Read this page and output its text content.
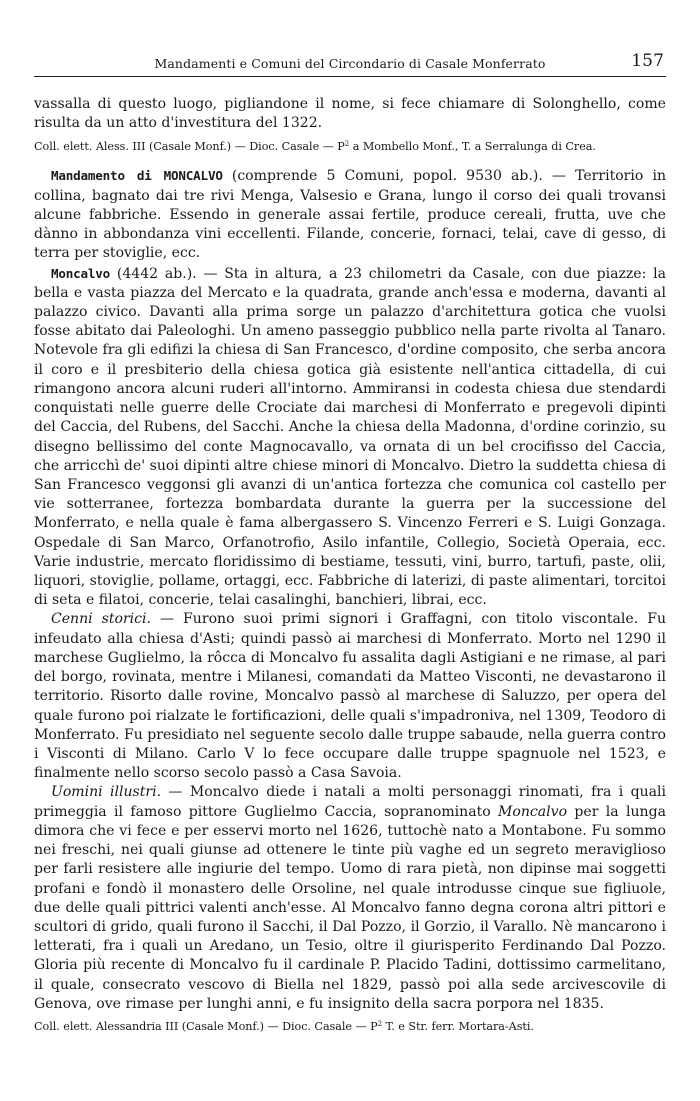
Mandamenti e Comuni del Circondario di Casale Monferrato	157

vassalla di questo luogo, pigliandone il nome, si fece chiamare di Solonghello, come risulta da un atto d'investitura del 1322.

Coll. elett. Aless. III (Casale Monf.) — Dioc. Casale — $P^2$ a Mombello Monf., T. a Serralunga di Crea.

Mandamento di MONCALVO (comprende 5 Comuni, popol. 9530 ab.). — Territorio in collina, bagnato dai tre rivi Menga, Valsesio e Grana, lungo il corso dei quali trovansi alcune fabbriche. Essendo in generale assai fertile, produce cereali, frutta, uve che dànno in abbondanza vini eccellenti. Filande, concerie, fornaci, telai, cave di gesso, di terra per stoviglie, ecc.

Moncalvo (4442 ab.). — Sta in altura, a 23 chilometri da Casale, con due piazze: la bella e vasta piazza del Mercato e la quadrata, grande anch'essa e moderna, davanti al palazzo civico. Davanti alla prima sorge un palazzo d'architettura gotica che vuolsi fosse abitato dai Paleologhi. Un ameno passeggio pubblico nella parte rivolta al Tanaro. Notevole fra gli edifizi la chiesa di San Francesco, d'ordine composito, che serba ancora il coro e il presbiterio della chiesa gotica già esistente nell'antica cittadella, di cui rimangono ancora alcuni ruderi all'intorno. Ammiransi in codesta chiesa due stendardi conquistati nelle guerre delle Crociate dai marchesi di Monferrato e pregevoli dipinti del Caccia, del Rubens, del Sacchi. Anche la chiesa della Madonna, d'ordine corinzio, su disegno bellissimo del conte Magnocavallo, va ornata di un bel crocifisso del Caccia, che arricchì de' suoi dipinti altre chiese minori di Moncalvo. Dietro la suddetta chiesa di San Francesco veggonsi gli avanzi di un'antica fortezza che comunica col castello per vie sotterranee, fortezza bombardata durante la guerra per la successione del Monferrato, e nella quale è fama albergassero S. Vincenzo Ferreri e S. Luigi Gonzaga. Ospedale di San Marco, Orfanotrofio, Asilo infantile, Collegio, Società Operaia, ecc. Varie industrie, mercato floridissimo di bestiame, tessuti, vini, burro, tartufi, paste, olii, liquori, stoviglie, pollame, ortaggi, ecc. Fabbriche di laterizi, di paste alimentari, torcitoi di seta e filatoi, concerie, telai casalinghi, banchieri, librai, ecc.

Cenni storici. — Furono suoi primi signori i Graffagni, con titolo viscontale. Fu infeudato alla chiesa d'Asti; quindi passò ai marchesi di Monferrato. Morto nel 1290 il marchese Guglielmo, la rôcca di Moncalvo fu assalita dagli Astigiani e ne rimase, al pari del borgo, rovinata, mentre i Milanesi, comandati da Matteo Visconti, ne devastarono il territorio. Risorto dalle rovine, Moncalvo passò al marchese di Saluzzo, per opera del quale furono poi rialzate le fortificazioni, delle quali s'impadroniva, nel 1309, Teodoro di Monferrato. Fu presidiato nel seguente secolo dalle truppe sabaude, nella guerra contro i Visconti di Milano. Carlo V lo fece occupare dalle truppe spagnuole nel 1523, e finalmente nello scorso secolo passò a Casa Savoia.

Uomini illustri. — Moncalvo diede i natali a molti personaggi rinomati, fra i quali primeggia il famoso pittore Guglielmo Caccia, sopranominato Moncalvo per la lunga dimora che vi fece e per esservi morto nel 1626, tuttochè nato a Montabone. Fu sommo nei freschi, nei quali giunse ad ottenere le tinte più vaghe ed un segreto meraviglioso per farli resistere alle ingiurie del tempo. Uomo di rara pietà, non dipinse mai soggetti profani e fondò il monastero delle Orsoline, nel quale introdusse cinque sue figliuole, due delle quali pittrici valenti anch'esse. Al Moncalvo fanno degna corona altri pittori e scultori di grido, quali furono il Sacchi, il Dal Pozzo, il Gorzio, il Varallo. Nè mancarono i letterati, fra i quali un Aredano, un Tesio, oltre il giurisperito Ferdinando Dal Pozzo. Gloria più recente di Moncalvo fu il cardinale P. Placido Tadini, dottissimo carmelitano, il quale, consecrato vescovo di Biella nel 1829, passò poi alla sede arcivescovile di Genova, ove rimase per lunghi anni, e fu insignito della sacra porpora nel 1835.

Coll. elett. Alessandria III (Casale Monf.) — Dioc. Casale — $P^2$ T. e Str. ferr. Mortara-Asti.
